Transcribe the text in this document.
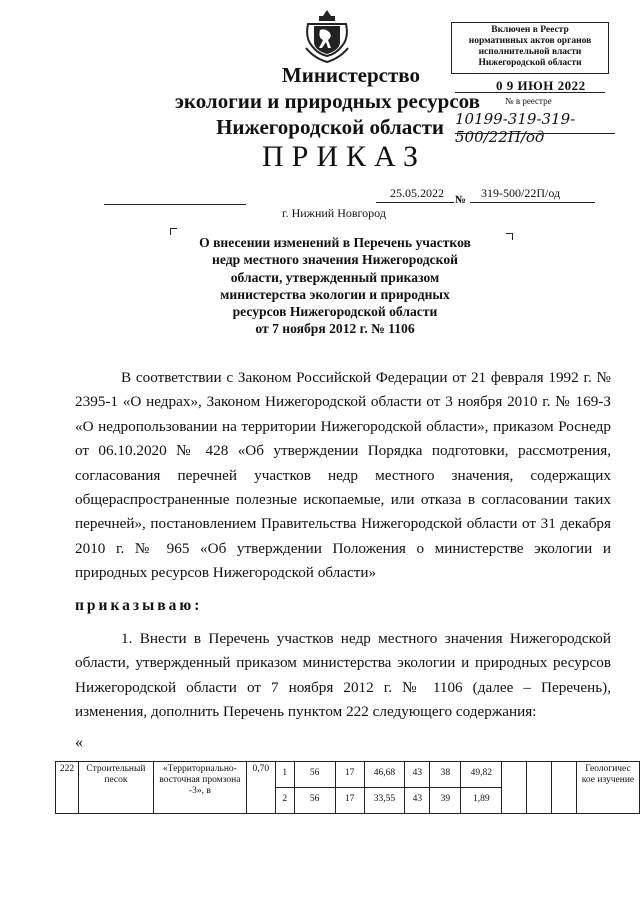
Включен в Реестр
нормативных актов органов
исполнительной власти
Нижегородской области
0 9 ИЮН 2022
№ в реестре
10199-319-319-500/22П/од
Министерство
экологии и природных ресурсов
Нижегородской области
ПРИКАЗ
25.05.2022 № 319-500/22П/од
г. Нижний Новгород
О внесении изменений в Перечень участков
недр местного значения Нижегородской
области, утвержденный приказом
министерства экологии и природных
ресурсов Нижегородской области
от 7 ноября 2012 г. № 1106
В соответствии с Законом Российской Федерации от 21 февраля 1992 г. № 2395-1 «О недрах», Законом Нижегородской области от 3 ноября 2010 г. № 169-З «О недропользовании на территории Нижегородской области», приказом Роснедр от 06.10.2020 № 428 «Об утверждении Порядка подготовки, рассмотрения, согласования перечней участков недр местного значения, содержащих общераспространенные полезные ископаемые, или отказа в согласовании таких перечней», постановлением Правительства Нижегородской области от 31 декабря 2010 г. № 965 «Об утверждении Положения о министерстве экологии и природных ресурсов Нижегородской области»
приказываю:
1. Внести в Перечень участков недр местного значения Нижегородской области, утвержденный приказом министерства экологии и природных ресурсов Нижегородской области от 7 ноября 2012 г. № 1106 (далее – Перечень), изменения, дополнить Перечень пунктом 222 следующего содержания:
«
222	Строительный песок	«Территориально-восточная промзона -3», в	0,70	1	56	17	46,68	43	38	49,82				Геологичес кое изучение
				2	56	17	33,55	43	39	1,89				
